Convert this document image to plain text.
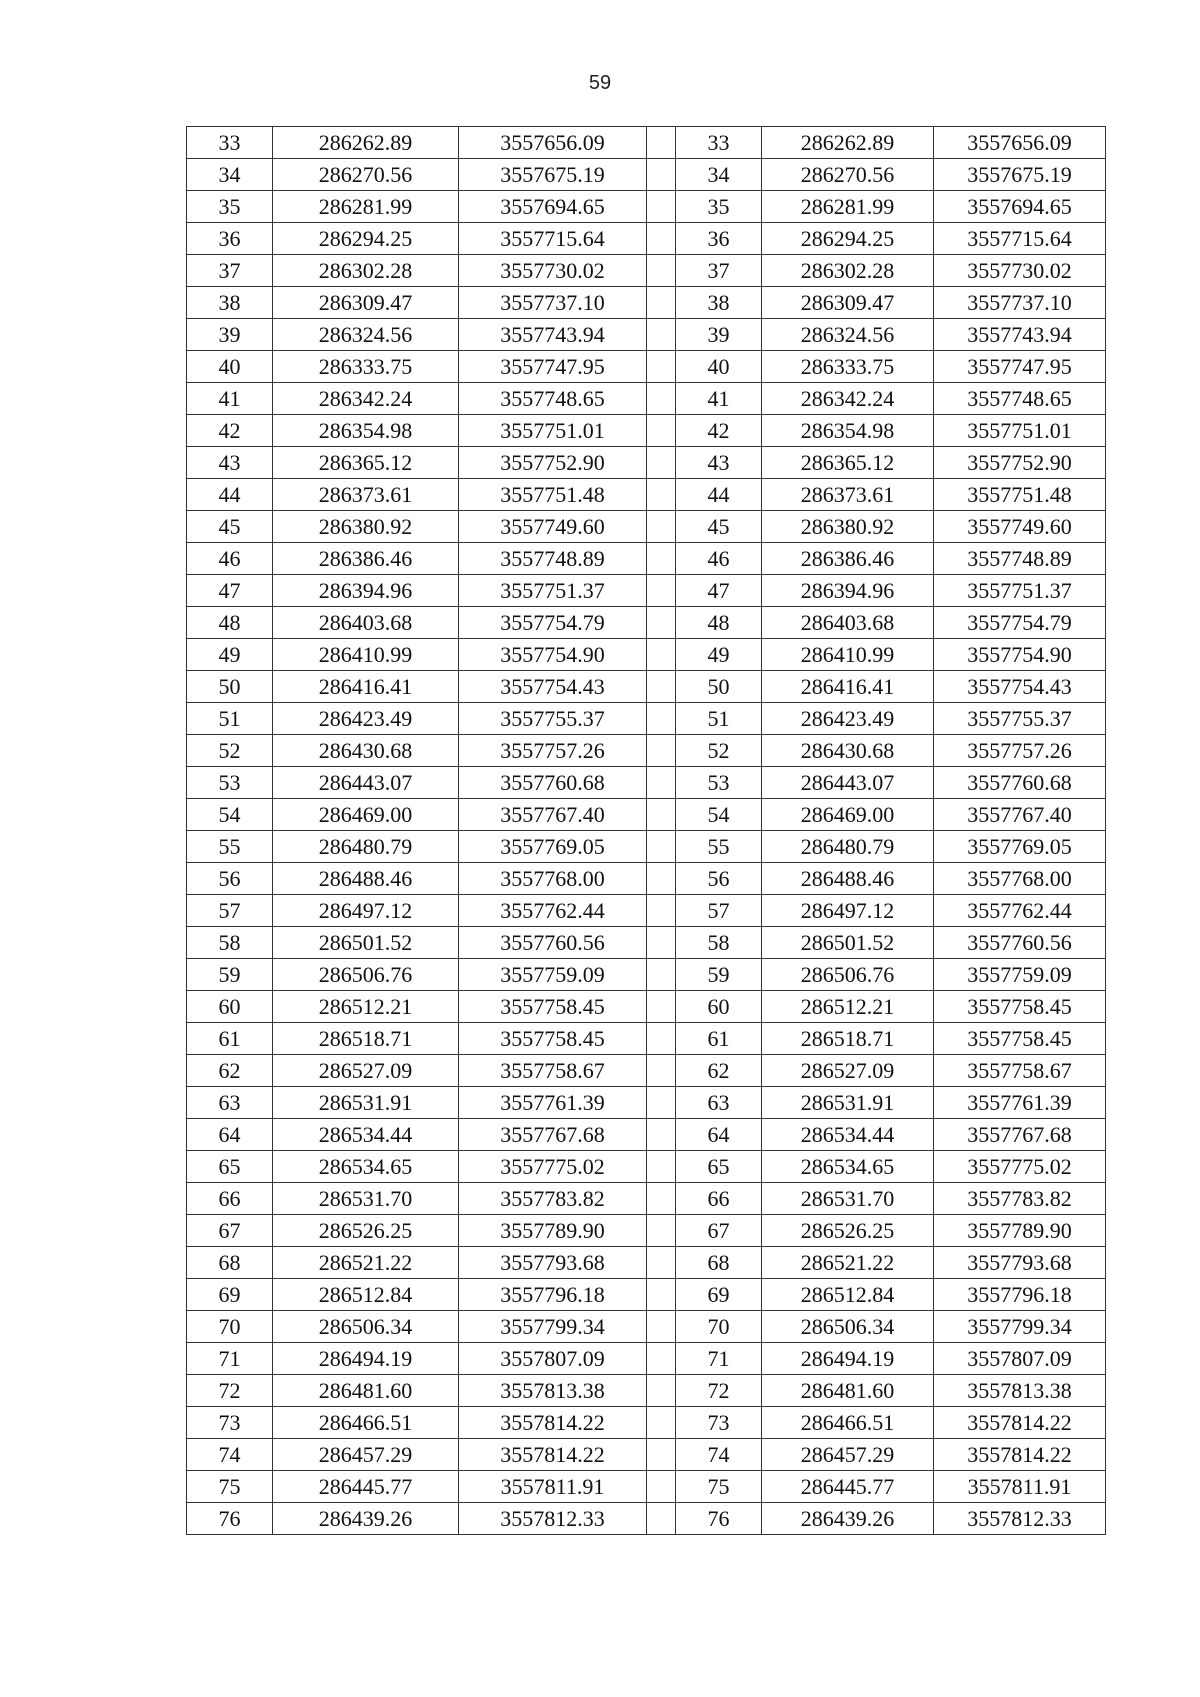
59
33	286262.89	3557656.09		33	286262.89	3557656.09
34	286270.56	3557675.19		34	286270.56	3557675.19
35	286281.99	3557694.65		35	286281.99	3557694.65
36	286294.25	3557715.64		36	286294.25	3557715.64
37	286302.28	3557730.02		37	286302.28	3557730.02
38	286309.47	3557737.10		38	286309.47	3557737.10
39	286324.56	3557743.94		39	286324.56	3557743.94
40	286333.75	3557747.95		40	286333.75	3557747.95
41	286342.24	3557748.65		41	286342.24	3557748.65
42	286354.98	3557751.01		42	286354.98	3557751.01
43	286365.12	3557752.90		43	286365.12	3557752.90
44	286373.61	3557751.48		44	286373.61	3557751.48
45	286380.92	3557749.60		45	286380.92	3557749.60
46	286386.46	3557748.89		46	286386.46	3557748.89
47	286394.96	3557751.37		47	286394.96	3557751.37
48	286403.68	3557754.79		48	286403.68	3557754.79
49	286410.99	3557754.90		49	286410.99	3557754.90
50	286416.41	3557754.43		50	286416.41	3557754.43
51	286423.49	3557755.37		51	286423.49	3557755.37
52	286430.68	3557757.26		52	286430.68	3557757.26
53	286443.07	3557760.68		53	286443.07	3557760.68
54	286469.00	3557767.40		54	286469.00	3557767.40
55	286480.79	3557769.05		55	286480.79	3557769.05
56	286488.46	3557768.00		56	286488.46	3557768.00
57	286497.12	3557762.44		57	286497.12	3557762.44
58	286501.52	3557760.56		58	286501.52	3557760.56
59	286506.76	3557759.09		59	286506.76	3557759.09
60	286512.21	3557758.45		60	286512.21	3557758.45
61	286518.71	3557758.45		61	286518.71	3557758.45
62	286527.09	3557758.67		62	286527.09	3557758.67
63	286531.91	3557761.39		63	286531.91	3557761.39
64	286534.44	3557767.68		64	286534.44	3557767.68
65	286534.65	3557775.02		65	286534.65	3557775.02
66	286531.70	3557783.82		66	286531.70	3557783.82
67	286526.25	3557789.90		67	286526.25	3557789.90
68	286521.22	3557793.68		68	286521.22	3557793.68
69	286512.84	3557796.18		69	286512.84	3557796.18
70	286506.34	3557799.34		70	286506.34	3557799.34
71	286494.19	3557807.09		71	286494.19	3557807.09
72	286481.60	3557813.38		72	286481.60	3557813.38
73	286466.51	3557814.22		73	286466.51	3557814.22
74	286457.29	3557814.22		74	286457.29	3557814.22
75	286445.77	3557811.91		75	286445.77	3557811.91
76	286439.26	3557812.33		76	286439.26	3557812.33
